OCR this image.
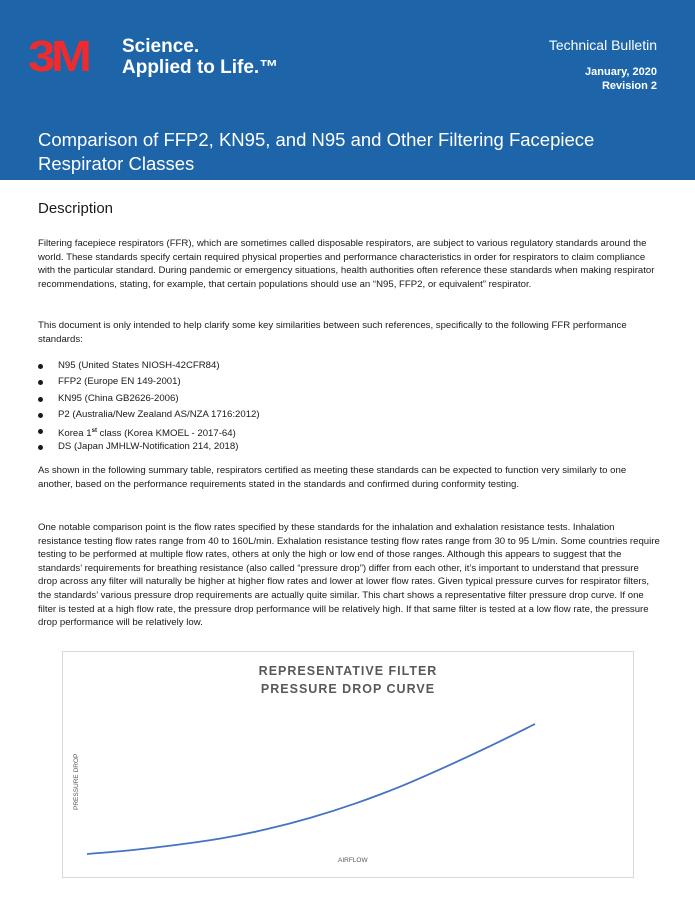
3M	Science.
Applied to Life.™
Technical Bulletin
January, 2020
Revision 2
Comparison of FFP2, KN95, and N95 and Other Filtering Facepiece Respirator Classes
Description
Filtering facepiece respirators (FFR), which are sometimes called disposable respirators, are subject to various regulatory standards around the world. These standards specify certain required physical properties and performance characteristics in order for respirators to claim compliance with the particular standard. During pandemic or emergency situations, health authorities often reference these standards when making respirator recommendations, stating, for example, that certain populations should use an “N95, FFP2, or equivalent” respirator.
This document is only intended to help clarify some key similarities between such references, specifically to the following FFR performance standards:
N95 (United States NIOSH-42CFR84)
FFP2 (Europe EN 149-2001)
KN95 (China GB2626-2006)
P2 (Australia/New Zealand AS/NZA 1716:2012)
Korea 1st class (Korea KMOEL - 2017-64)
DS (Japan JMHLW-Notification 214, 2018)
As shown in the following summary table, respirators certified as meeting these standards can be expected to function very similarly to one another, based on the performance requirements stated in the standards and confirmed during conformity testing.
One notable comparison point is the flow rates specified by these standards for the inhalation and exhalation resistance tests. Inhalation resistance testing flow rates range from 40 to 160L/min. Exhalation resistance testing flow rates range from 30 to 95 L/min. Some countries require testing to be performed at multiple flow rates, others at only the high or low end of those ranges. Although this appears to suggest that the standards’ requirements for breathing resistance (also called “pressure drop”) differ from each other, it’s important to understand that pressure drop across any filter will naturally be higher at higher flow rates and lower at lower flow rates. Given typical pressure curves for respirator filters, the standards’ various pressure drop requirements are actually quite similar. This chart shows a representative filter pressure drop curve. If one filter is tested at a high flow rate, the pressure drop performance will be relatively high. If that same filter is tested at a low flow rate, the pressure drop performance will be relatively low.
REPRESENTATIVE FILTER
PRESSURE DROP CURVE
PRESSURE DROP
AIRFLOW
